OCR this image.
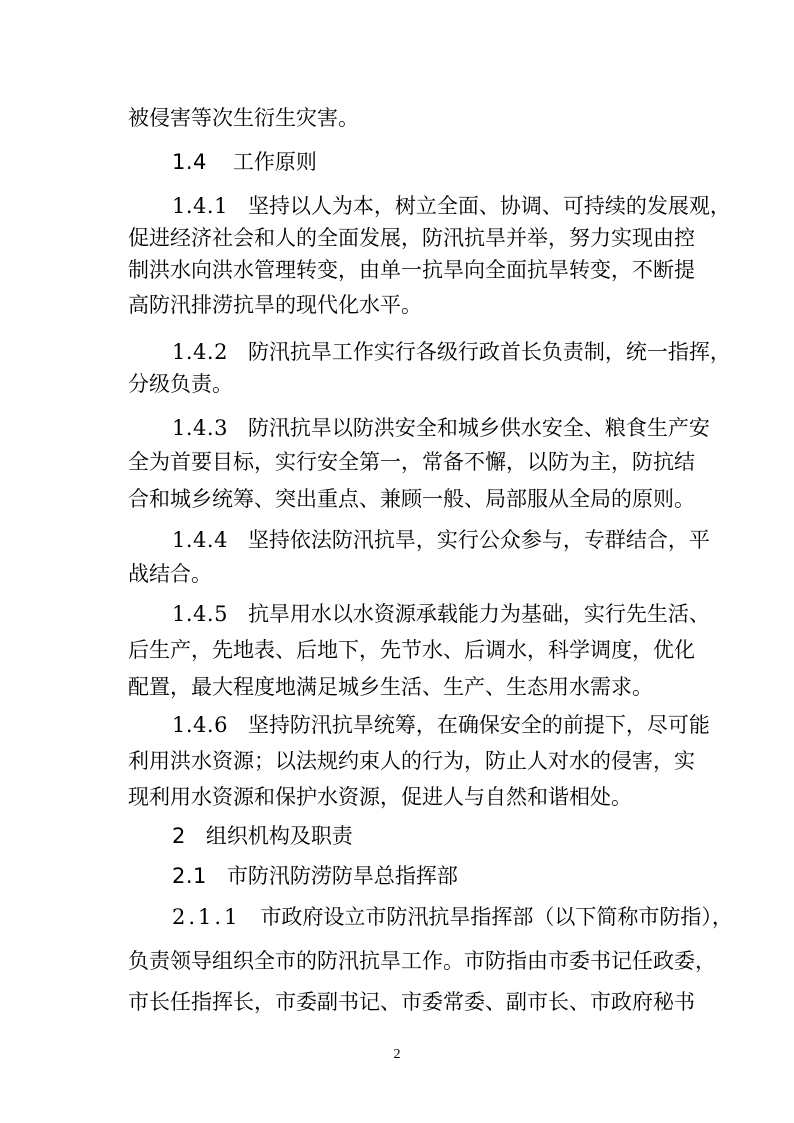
被侵害等次生衍生灾害。
1.4 工作原则
1.4.1 坚持以人为本，树立全面、协调、可持续的发展观，
促进经济社会和人的全面发展，防汛抗旱并举，努力实现由控
制洪水向洪水管理转变，由单一抗旱向全面抗旱转变，不断提
高防汛排涝抗旱的现代化水平。
1.4.2 防汛抗旱工作实行各级行政首长负责制，统一指挥，
分级负责。
1.4.3 防汛抗旱以防洪安全和城乡供水安全、粮食生产安
全为首要目标，实行安全第一，常备不懈，以防为主，防抗结
合和城乡统筹、突出重点、兼顾一般、局部服从全局的原则。
1.4.4 坚持依法防汛抗旱，实行公众参与，专群结合，平
战结合。
1.4.5 抗旱用水以水资源承载能力为基础，实行先生活、
后生产，先地表、后地下，先节水、后调水，科学调度，优化
配置，最大程度地满足城乡生活、生产、生态用水需求。
1.4.6 坚持防汛抗旱统筹，在确保安全的前提下，尽可能
利用洪水资源；以法规约束人的行为，防止人对水的侵害，实
现利用水资源和保护水资源，促进人与自然和谐相处。
2 组织机构及职责
2.1 市防汛防涝防旱总指挥部
2.1.1 市政府设立市防汛抗旱指挥部（以下简称市防指），
负责领导组织全市的防汛抗旱工作。市防指由市委书记任政委，
市长任指挥长，市委副书记、市委常委、副市长、市政府秘书
2
